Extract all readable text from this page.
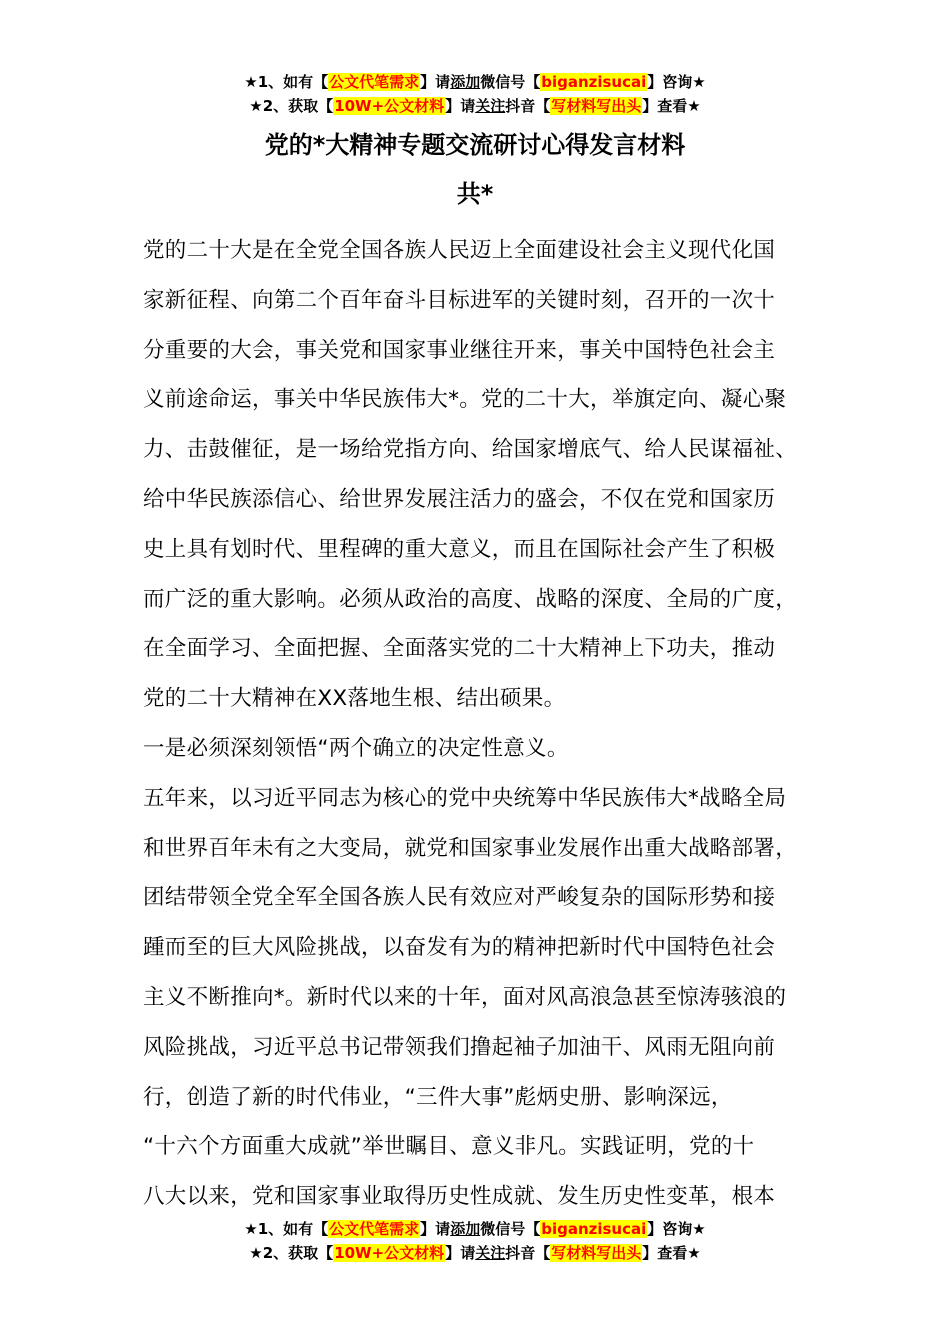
★1、如有【公文代笔需求】请添加微信号【biganzisucai】咨询★
★2、获取【10W+公文材料】请关注抖音【写材料写出头】查看★
党的*大精神专题交流研讨心得发言材料
共*

党的二十大是在全党全国各族人民迈上全面建设社会主义现代化国
家新征程、向第二个百年奋斗目标进军的关键时刻，召开的一次十
分重要的大会，事关党和国家事业继往开来，事关中国特色社会主
义前途命运，事关中华民族伟大*。党的二十大，举旗定向、凝心聚
力、击鼓催征，是一场给党指方向、给国家增底气、给人民谋福祉、
给中华民族添信心、给世界发展注活力的盛会，不仅在党和国家历
史上具有划时代、里程碑的重大意义，而且在国际社会产生了积极
而广泛的重大影响。必须从政治的高度、战略的深度、全局的广度，
在全面学习、全面把握、全面落实党的二十大精神上下功夫，推动
党的二十大精神在XX落地生根、结出硕果。

一是必须深刻领悟“两个确立的决定性意义。

五年来，以习近平同志为核心的党中央统筹中华民族伟大*战略全局
和世界百年未有之大变局，就党和国家事业发展作出重大战略部署，
团结带领全党全军全国各族人民有效应对严峻复杂的国际形势和接
踵而至的巨大风险挑战，以奋发有为的精神把新时代中国特色社会
主义不断推向*。新时代以来的十年，面对风高浪急甚至惊涛骇浪的
风险挑战，习近平总书记带领我们撸起袖子加油干、风雨无阻向前
行，创造了新的时代伟业，“三件大事”彪炳史册、影响深远，
“十六个方面重大成就”举世瞩目、意义非凡。实践证明，党的十
八大以来，党和国家事业取得历史性成就、发生历史性变革，根本

★1、如有【公文代笔需求】请添加微信号【biganzisucai】咨询★
★2、获取【10W+公文材料】请关注抖音【写材料写出头】查看★
